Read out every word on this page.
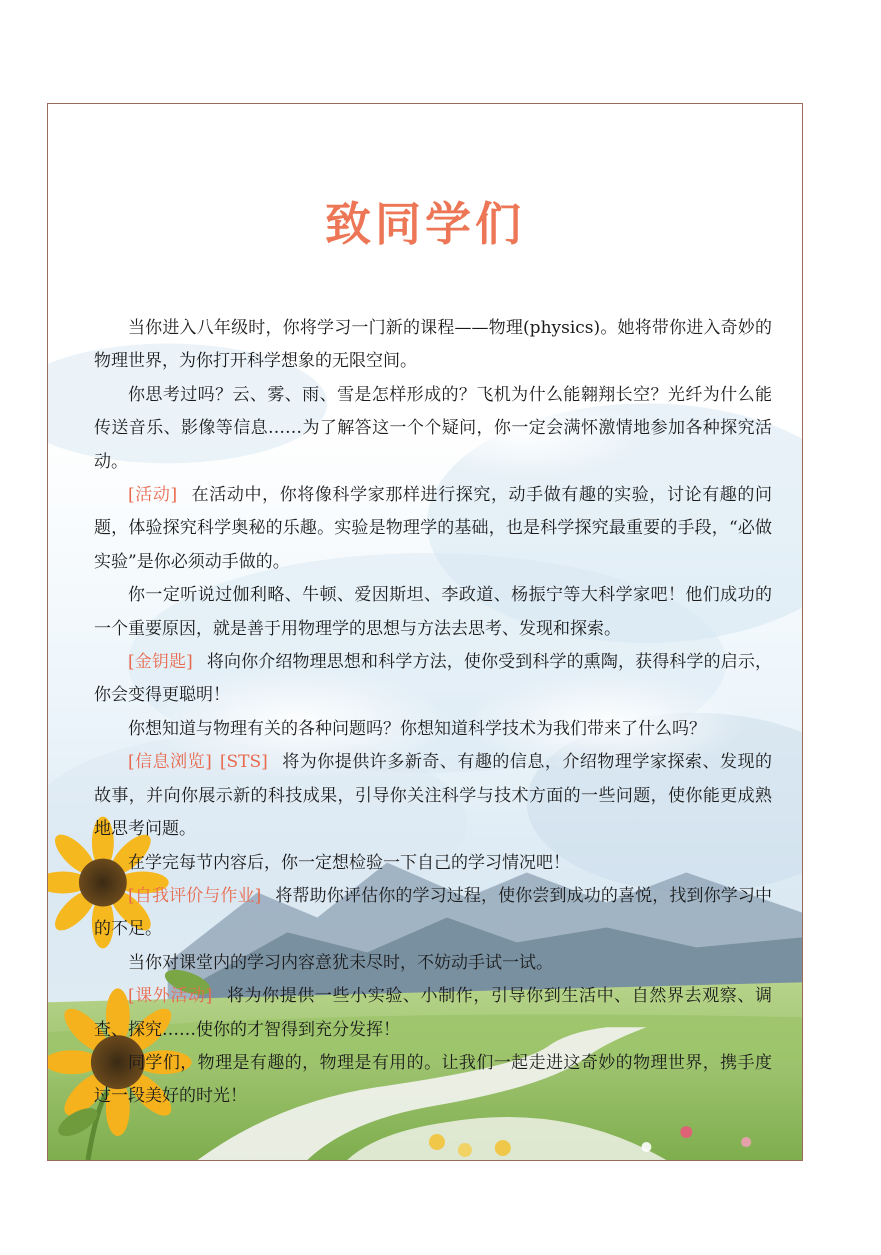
致同学们

当你进入八年级时，你将学习一门新的课程——物理(physics)。她将带你进入奇妙的物理世界，为你打开科学想象的无限空间。

你思考过吗？云、雾、雨、雪是怎样形成的？飞机为什么能翱翔长空？光纤为什么能传送音乐、影像等信息……为了解答这一个个疑问，你一定会满怀激情地参加各种探究活动。

[活动] 在活动中，你将像科学家那样进行探究，动手做有趣的实验，讨论有趣的问题，体验探究科学奥秘的乐趣。实验是物理学的基础，也是科学探究最重要的手段，“必做实验”是你必须动手做的。

你一定听说过伽利略、牛顿、爱因斯坦、李政道、杨振宁等大科学家吧！他们成功的一个重要原因，就是善于用物理学的思想与方法去思考、发现和探索。

[金钥匙] 将向你介绍物理思想和科学方法，使你受到科学的熏陶，获得科学的启示，你会变得更聪明！

你想知道与物理有关的各种问题吗？你想知道科学技术为我们带来了什么吗？

[信息浏览] [STS] 将为你提供许多新奇、有趣的信息，介绍物理学家探索、发现的故事，并向你展示新的科技成果，引导你关注科学与技术方面的一些问题，使你能更成熟地思考问题。

在学完每节内容后，你一定想检验一下自己的学习情况吧！

[自我评价与作业] 将帮助你评估你的学习过程，使你尝到成功的喜悦，找到你学习中的不足。

当你对课堂内的学习内容意犹未尽时，不妨动手试一试。

[课外活动] 将为你提供一些小实验、小制作，引导你到生活中、自然界去观察、调查、探究……使你的才智得到充分发挥！

同学们，物理是有趣的，物理是有用的。让我们一起走进这奇妙的物理世界，携手度过一段美好的时光！
